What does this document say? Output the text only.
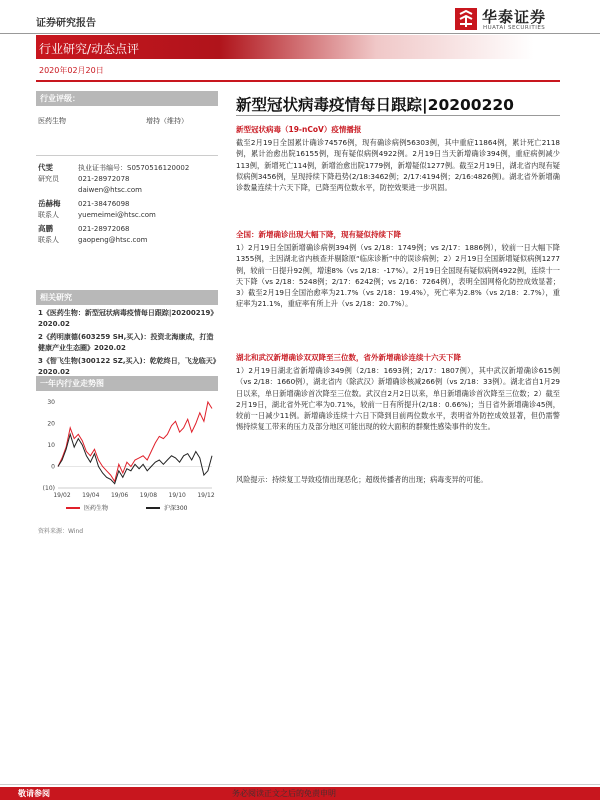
证券研究报告	华泰证券
HUATAI SECURITIES
行业研究/动态点评
2020年02月20日
行业评级：
医药生物	增持（维持）
代雯	执业证书编号：S0570516120002
研究员	021-28972078
daiwen@htsc.com
岳赫梅	021-38476098
联系人	yuemeimei@htsc.com
高鹏	021-28972068
联系人	gaopeng@htsc.com
相关研究
1《医药生物：新型冠状病毒疫情每日跟踪|20200219》2020.02
2《药明康德(603259 SH,买入)：投资北海康成，打造健康产业生态圈》2020.02
3《智飞生物(300122 SZ,买入)：乾乾终日，飞龙临天》2020.02
一年内行业走势图
30
20
10
0
(10)
19/02 19/04 19/06 19/08 19/10 19/12
医药生物	沪深300
资料来源：Wind
新型冠状病毒疫情每日跟踪|20200220
新型冠状病毒（19-nCoV）疫情播报
截至2月19日全国累计确诊74576例，现有确诊病例56303例，其中重症11864例，累计死亡2118例，累计治愈出院16155例，现有疑似病例4922例。2月19日当天新增确诊394例，重症病例减少113例，新增死亡114例，新增治愈出院1779例，新增疑似1277例。截至2月19日，湖北省内现有疑似病例3456例，呈现持续下降趋势(2/18:3462例；2/17:4194例；2/16:4826例)。湖北省外新增确诊数量连续十六天下降，已降至两位数水平，防控效果进一步巩固。
全国：新增确诊出现大幅下降，现有疑似持续下降
1）2月19日全国新增确诊病例394例（vs 2/18：1749例；vs 2/17：1886例），较前一日大幅下降1355例，主因湖北省内核查并剔除原“临床诊断”中的误诊病例；2）2月19日全国新增疑似病例1277例，较前一日提升92例，增速8%（vs 2/18：-17%）。2月19日全国现有疑似病例4922例，连续十一天下降（vs 2/18：5248例；2/17：6242例；vs 2/16：7264例），表明全国网格化防控成效显著；3）截至2月19日全国治愈率为21.7%（vs 2/18：19.4%），死亡率为2.8%（vs 2/18：2.7%），重症率为21.1%，重症率有所上升（vs 2/18：20.7%）。
湖北和武汉新增确诊双双降至三位数，省外新增确诊连续十六天下降
1）2月19日湖北省新增确诊349例（2/18：1693例；2/17：1807例），其中武汉新增确诊615例（vs 2/18：1660例），湖北省内（除武汉）新增确诊核减266例（vs 2/18：33例）。湖北省自1月29日以来，单日新增确诊首次降至三位数。武汉自2月2日以来，单日新增确诊首次降至三位数；2）截至2月19日，湖北省外死亡率为0.71%，较前一日有所提升(2/18：0.66%)；当日省外新增确诊45例，较前一日减少11例。新增确诊连续十六日下降到目前两位数水平，表明省外防控成效显著，但仍需警惕持续复工带来的压力及部分地区可能出现的较大面积的群聚性感染事件的发生。
风险提示：持续复工导致疫情出现恶化；超级传播者的出现；病毒变异的可能。
敬请参阅	务必阅读正文之后的免责申明
